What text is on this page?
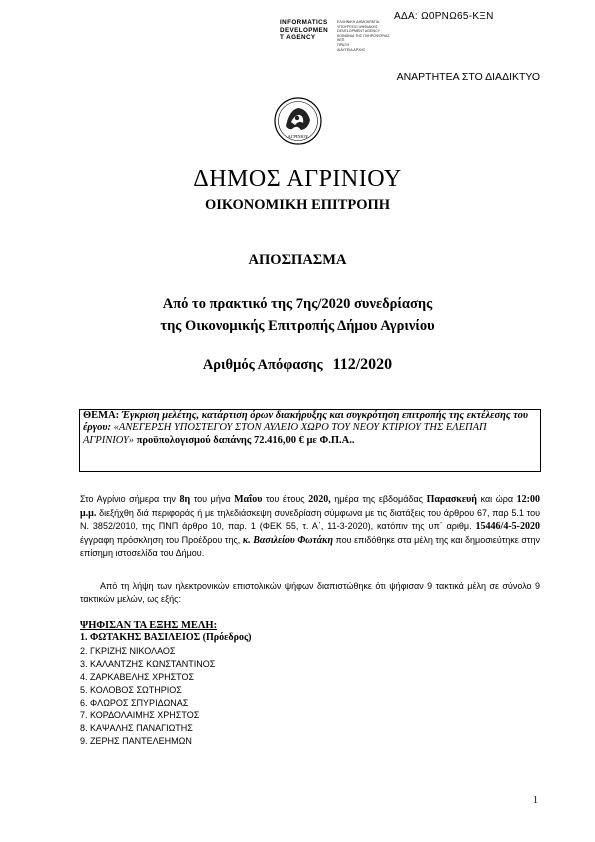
ΑΔΑ: Ω0ΡΝΩ65-ΚΞΝ
INFORMATICS
DEVELOPMEN
T AGENCY
ΕΛΛΗΝΙΚΗ ΔΗΜΟΚΡΑΤΙΑ
ΥΠΟΥΡΓΕΙΟ ΨΗΦΙΑΚΗΣ
DEVELOPMENT AGENCY
ΚΟΙΝΩΝΙΑ ΤΗΣ ΠΛΗΡΟΦΟΡΙΑΣ
ΚΕΠ
ΠΡΑΞΗ
ΔΙΑΥΓΕΙΑ ΑΡΧΗΣ
ΑΝΑΡΤΗΤΕΑ ΣΤΟ ΔΙΑΔΙΚΤΥΟ
ΑΓΡΙΝΙΟΥ
ΔΗΜΟΣ ΑΓΡΙΝΙΟΥ
ΟΙΚΟΝΟΜΙΚΗ ΕΠΙΤΡΟΠΗ
ΑΠΟΣΠΑΣΜΑ
Από το πρακτικό της 7ης/2020 συνεδρίασης
της Οικονομικής Επιτροπής Δήμου Αγρινίου
Αριθμός Απόφασης 112/2020
ΘΕΜΑ: Έγκριση μελέτης, κατάρτιση όρων διακήρυξης και συγκρότηση επιτροπής της εκτέλεσης του έργου: «ΑΝΕΓΕΡΣΗ ΥΠΟΣΤΕΓΟΥ ΣΤΟΝ ΑΥΛΕΙΟ ΧΩΡΟ ΤΟΥ ΝΕΟΥ ΚΤΙΡΙΟΥ ΤΗΣ ΕΛΕΠΑΠ ΑΓΡΙΝΙΟΥ» προϋπολογισμού δαπάνης 72.416,00 € με Φ.Π.Α..
Στο Αγρίνιο σήμερα την 8η του μήνα Μαΐου του έτους 2020, ημέρα της εβδομάδας Παρασκευή και ώρα 12:00 μ.μ. διεξήχθη διά περιφοράς ή με τηλεδιάσκεψη συνεδρίαση σύμφωνα με τις διατάξεις του άρθρου 67, παρ 5.1 του Ν. 3852/2010, της ΠΝΠ άρθρο 10, παρ. 1 (ΦΕΚ 55, τ. Α΄, 11-3-2020), κατόπιν της υπ΄ αριθμ. 15446/4-5-2020 έγγραφη πρόσκληση του Προέδρου της, κ. Βασιλείου Φωτάκη που επιδόθηκε στα μέλη της και δημοσιεύτηκε στην επίσημη ιστοσελίδα του Δήμου.
Από τη λήψη των ηλεκτρονικών επιστολικών ψήφων διαπιστώθηκε ότι ψήφισαν 9 τακτικά μέλη σε σύνολο 9 τακτικών μελών, ως εξής:
ΨΗΦΙΣΑΝ ΤΑ ΕΞΗΣ ΜΕΛΗ:
1. ΦΩΤΑΚΗΣ ΒΑΣΙΛΕΙΟΣ (Πρόεδρος)
2. ΓΚΡΙΖΗΣ ΝΙΚΟΛΑΟΣ
3. ΚΑΛΑΝΤΖΗΣ ΚΩΝΣΤΑΝΤΙΝΟΣ
4. ΖΑΡΚΑΒΕΛΗΣ ΧΡΗΣΤΟΣ
5. ΚΟΛΟΒΟΣ ΣΩΤΗΡΙΟΣ
6. ΦΛΩΡΟΣ ΣΠΥΡΙΔΩΝΑΣ
7. ΚΟΡΔΟΛΑΙΜΗΣ ΧΡΗΣΤΟΣ
8. ΚΑΨΑΛΗΣ ΠΑΝΑΓΙΩΤΗΣ
9. ΖΕΡΗΣ ΠΑΝΤΕΛΕΗΜΩΝ
1
